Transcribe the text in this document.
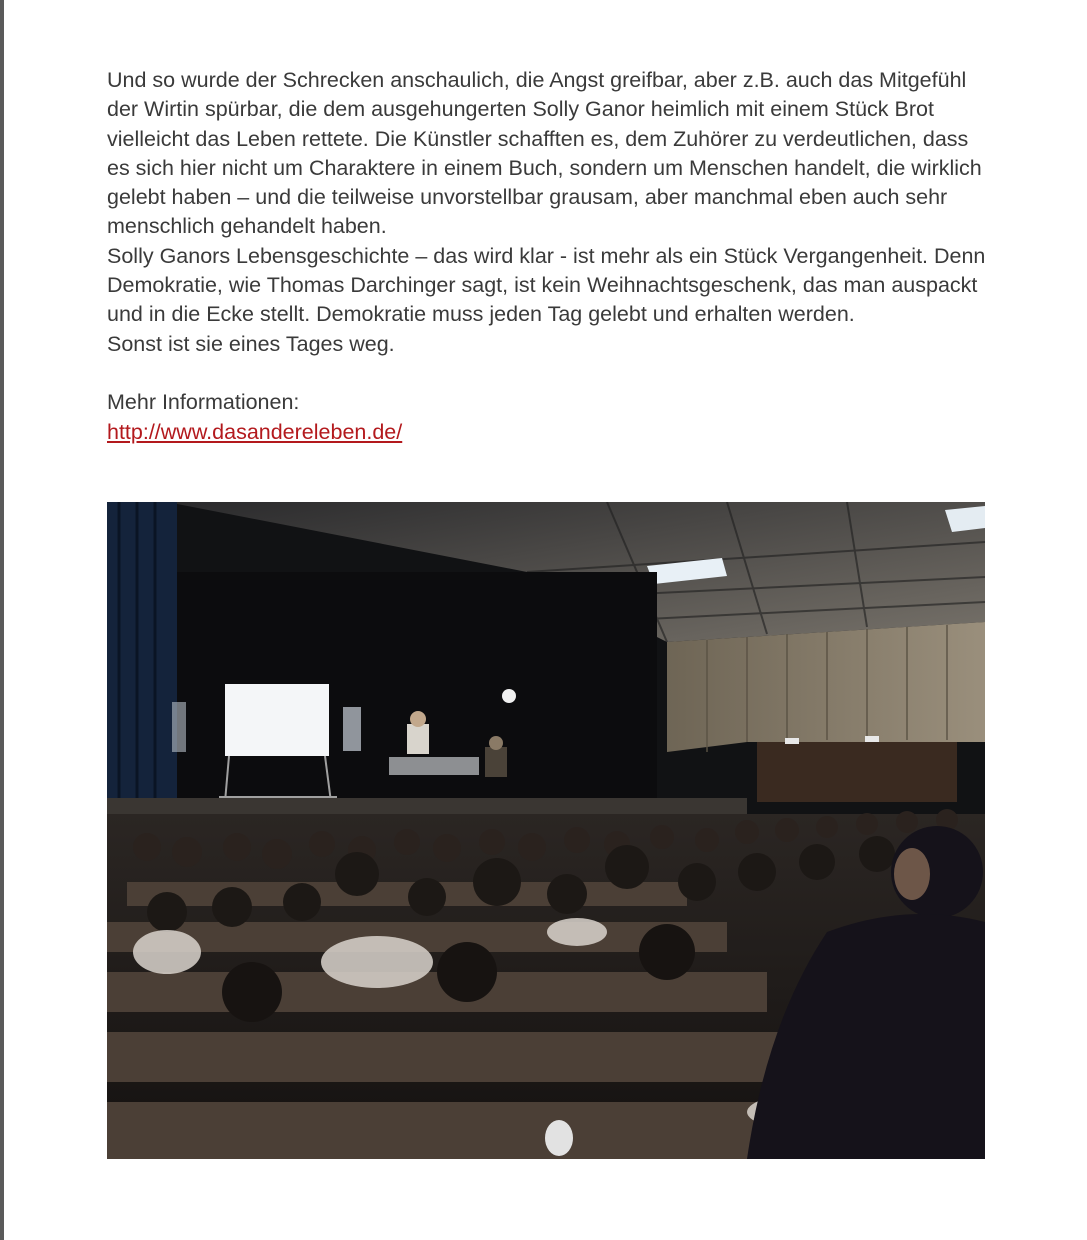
Und so wurde der Schrecken anschaulich, die Angst greifbar, aber z.B. auch das Mitgefühl der Wirtin spürbar, die dem ausgehungerten Solly Ganor heimlich mit einem Stück Brot vielleicht das Leben rettete. Die Künstler schafften es, dem Zuhörer zu verdeutlichen, dass es sich hier nicht um Charaktere in einem Buch, sondern um Menschen handelt, die wirklich gelebt haben – und die teilweise unvorstellbar grausam, aber manchmal eben auch sehr menschlich gehandelt haben.

Solly Ganors Lebensgeschichte – das wird klar - ist mehr als ein Stück Vergangenheit. Denn Demokratie, wie Thomas Darchinger sagt, ist kein Weihnachtsgeschenk, das man auspackt und in die Ecke stellt. Demokratie muss jeden Tag gelebt und erhalten werden.

Sonst ist sie eines Tages weg.

Mehr Informationen:
http://www.dasandereleben.de/
